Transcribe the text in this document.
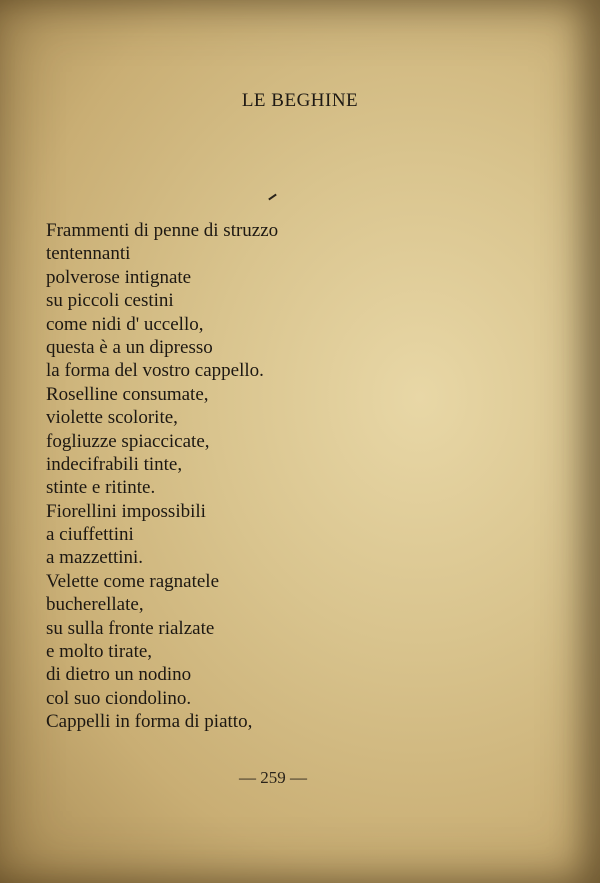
LE BEGHINE
Frammenti di penne di struzzo
tentennanti
polverose intignate
su piccoli cestini
come nidi d' uccello,
questa è a un dipresso
la forma del vostro cappello.
Roselline consumate,
violette scolorite,
fogliuzze spiaccicate,
indecifrabili tinte,
stinte e ritinte.
Fiorellini impossibili
a ciuffettini
a mazzettini.
Velette come ragnatele
bucherellate,
su sulla fronte rialzate
e molto tirate,
di dietro un nodino
col suo ciondolino.
Cappelli in forma di piatto,
— 259 —
